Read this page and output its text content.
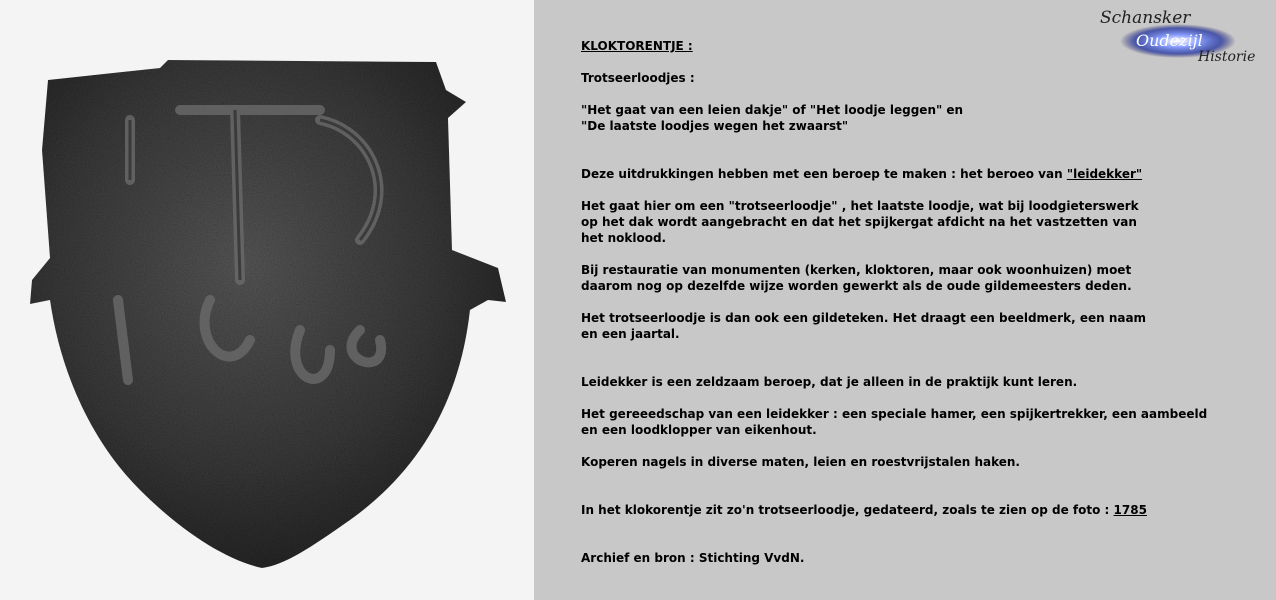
Schansker
Oudezijl
Historie

KLOKTORENTJE :

Trotseerloodjes :

"Het gaat van een leien dakje" of "Het loodje leggen" en

"De laatste loodjes wegen het zwaarst"

Deze uitdrukkingen hebben met een beroep te maken : het beroeo van "leidekker"

Het gaat hier om een "trotseerloodje" , het laatste loodje, wat bij loodgieterswerk

op het dak wordt aangebracht en dat het spijkergat afdicht na het vastzetten van

het noklood.

Bij restauratie van monumenten (kerken, kloktoren, maar ook woonhuizen) moet

daarom nog op dezelfde wijze worden gewerkt als de oude gildemeesters deden.

Het trotseerloodje is dan ook een gildeteken. Het draagt een beeldmerk, een naam

en een jaartal.

Leidekker is een zeldzaam beroep, dat je alleen in de praktijk kunt leren.

Het gereeedschap van een leidekker : een speciale hamer, een spijkertrekker, een aambeeld

en een loodklopper van eikenhout.

Koperen nagels in diverse maten, leien en roestvrijstalen haken.

In het klokorentje zit zo'n trotseerloodje, gedateerd, zoals te zien op de foto : 1785

Archief en bron : Stichting VvdN.
